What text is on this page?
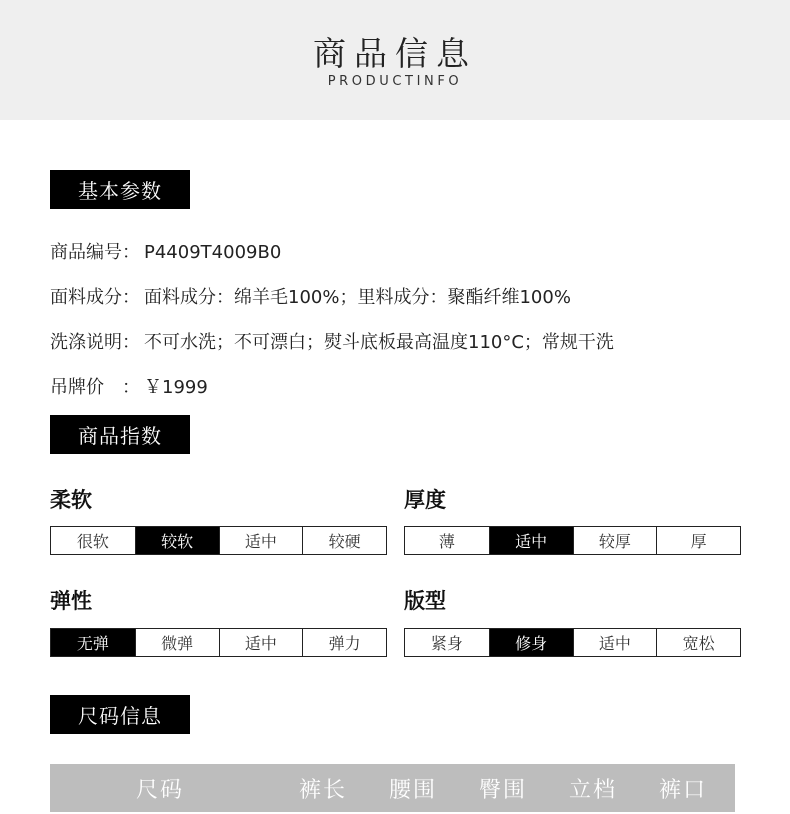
商品信息
PRODUCTINFO
基本参数
商品编号： P4409T4009B0
面料成分： 面料成分：绵羊毛100%；里料成分：聚酯纤维100%
洗涤说明： 不可水洗；不可漂白；熨斗底板最高温度110°C；常规干洗
吊牌价　： ￥1999
商品指数
柔软
很软	较软	适中	较硬
厚度
薄	适中	较厚	厚
弹性
无弹	微弹	适中	弹力
版型
紧身	修身	适中	宽松
尺码信息
尺码	裤长	腰围	臀围	立档	裤口
